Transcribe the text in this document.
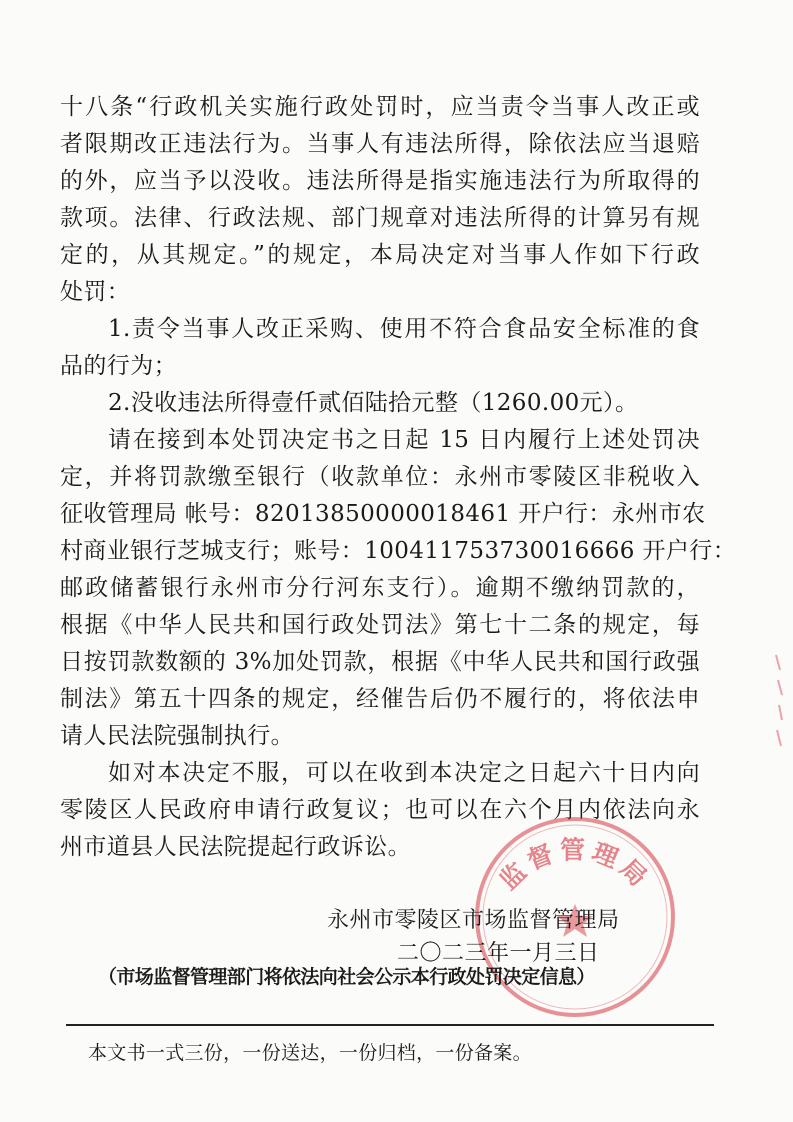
十八条“行政机关实施行政处罚时，应当责令当事人改正或
者限期改正违法行为。当事人有违法所得，除依法应当退赔
的外，应当予以没收。违法所得是指实施违法行为所取得的
款项。法律、行政法规、部门规章对违法所得的计算另有规
定的，从其规定。”的规定，本局决定对当事人作如下行政
处罚：
1.责令当事人改正采购、使用不符合食品安全标准的食
品的行为；
2.没收违法所得壹仟贰佰陆拾元整（1260.00元）。
请在接到本处罚决定书之日起 15 日内履行上述处罚决
定，并将罚款缴至银行（收款单位：永州市零陵区非税收入
征收管理局 帐号：82013850000018461 开户行：永州市农
村商业银行芝城支行；账号：100411753730016666 开户行：
邮政储蓄银行永州市分行河东支行）。逾期不缴纳罚款的，
根据《中华人民共和国行政处罚法》第七十二条的规定，每
日按罚款数额的 3%加处罚款，根据《中华人民共和国行政强
制法》第五十四条的规定，经催告后仍不履行的，将依法申
请人民法院强制执行。
如对本决定不服，可以在收到本决定之日起六十日内向
零陵区人民政府申请行政复议；也可以在六个月内依法向永
州市道县人民法院提起行政诉讼。
监督管理局
永州市零陵区市场监督管理局
二〇二三年一月三日
（市场监督管理部门将依法向社会公示本行政处罚决定信息）
本文书一式三份，一份送达，一份归档，一份备案。
